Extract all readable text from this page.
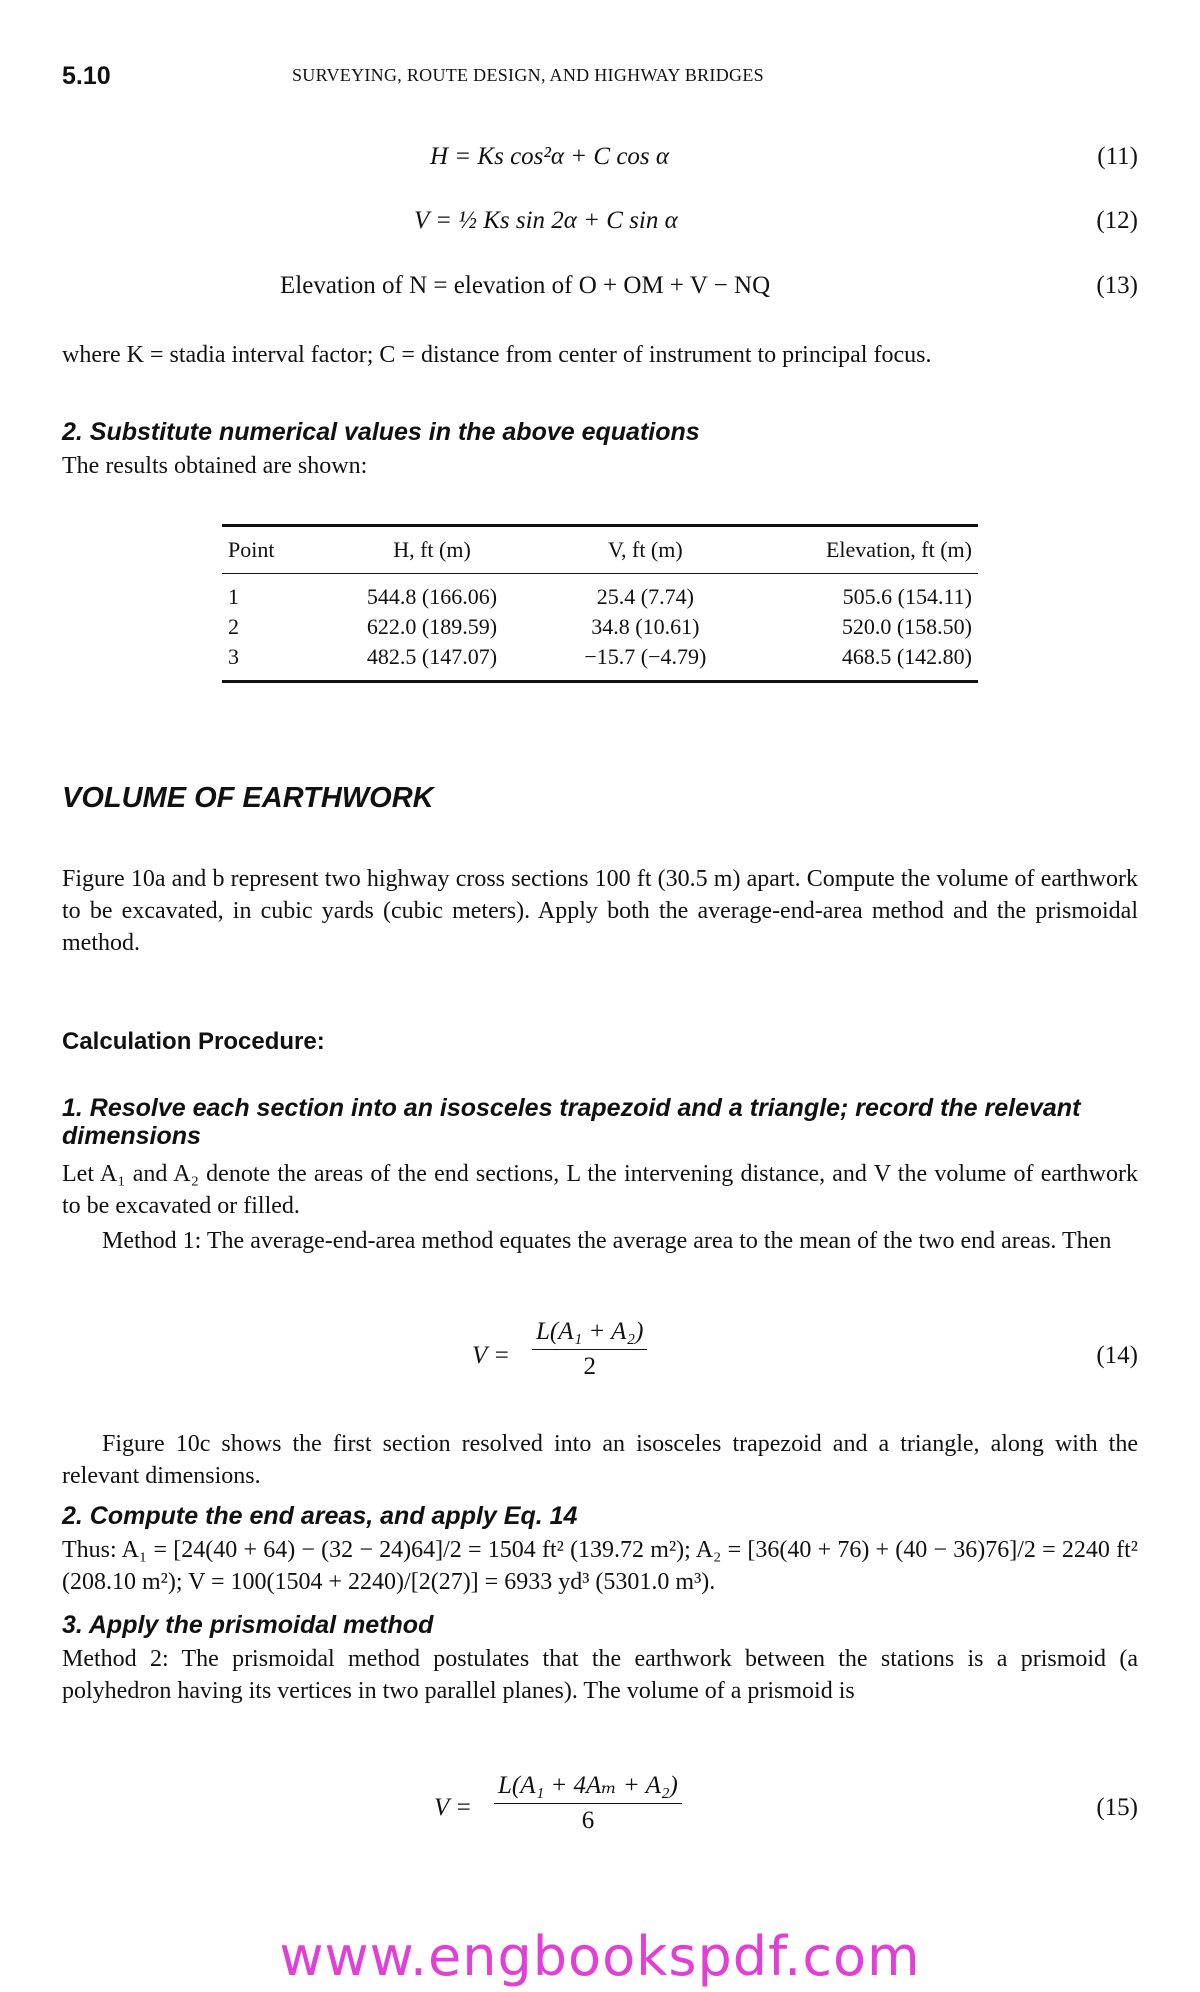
5.10	SURVEYING, ROUTE DESIGN, AND HIGHWAY BRIDGES
H = Ks cos²α + C cos α	(11)
V = ½ Ks sin 2α + C sin α	(12)
Elevation of N = elevation of O + OM + V − NQ	(13)
where K = stadia interval factor; C = distance from center of instrument to principal focus.
2. Substitute numerical values in the above equations
The results obtained are shown:
Point	H, ft (m)	V, ft (m)	Elevation, ft (m)
1	544.8 (166.06)	25.4 (7.74)	505.6 (154.11)
2	622.0 (189.59)	34.8 (10.61)	520.0 (158.50)
3	482.5 (147.07)	−15.7 (−4.79)	468.5 (142.80)
VOLUME OF EARTHWORK
Figure 10a and b represent two highway cross sections 100 ft (30.5 m) apart. Compute the volume of earthwork to be excavated, in cubic yards (cubic meters). Apply both the average-end-area method and the prismoidal method.
Calculation Procedure:
1. Resolve each section into an isosceles trapezoid and a triangle; record the relevant dimensions
Let A₁ and A₂ denote the areas of the end sections, L the intervening distance, and V the volume of earthwork to be excavated or filled.
Method 1: The average-end-area method equates the average area to the mean of the two end areas. Then
$\frac{\text{L(A₁ + A₂)}}{2}$
V =	(14)
Figure 10c shows the first section resolved into an isosceles trapezoid and a triangle, along with the relevant dimensions.
2. Compute the end areas, and apply Eq. 14
Thus: A₁ = [24(40 + 64) − (32 − 24)64]/2 = 1504 ft² (139.72 m²); A₂ = [36(40 + 76) + (40 − 36)76]/2 = 2240 ft² (208.10 m²); V = 100(1504 + 2240)/[2(27)] = 6933 yd³ (5301.0 m³).
3. Apply the prismoidal method
Method 2: The prismoidal method postulates that the earthwork between the stations is a prismoid (a polyhedron having its vertices in two parallel planes). The volume of a prismoid is
$\frac{\text{L(A₁ + 4Aₘ + A₂)}}{6}$
V =	(15)
www.engbookspdf.com
